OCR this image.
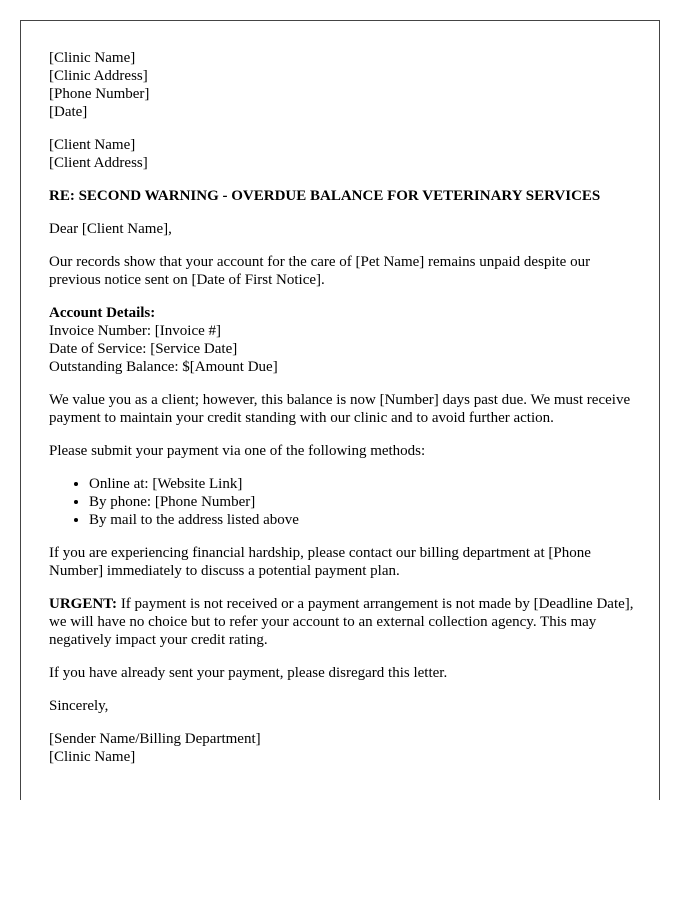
[Clinic Name]
[Clinic Address]
[Phone Number]
[Date]

[Client Name]
[Client Address]

RE: SECOND WARNING - OVERDUE BALANCE FOR VETERINARY SERVICES

Dear [Client Name],

Our records show that your account for the care of [Pet Name] remains unpaid despite our previous notice sent on [Date of First Notice].

Account Details:
Invoice Number: [Invoice #]
Date of Service: [Service Date]
Outstanding Balance: $[Amount Due]

We value you as a client; however, this balance is now [Number] days past due. We must receive payment to maintain your credit standing with our clinic and to avoid further action.

Please submit your payment via one of the following methods:

• Online at: [Website Link]
• By phone: [Phone Number]
• By mail to the address listed above

If you are experiencing financial hardship, please contact our billing department at [Phone Number] immediately to discuss a potential payment plan.

URGENT: If payment is not received or a payment arrangement is not made by [Deadline Date], we will have no choice but to refer your account to an external collection agency. This may negatively impact your credit rating.

If you have already sent your payment, please disregard this letter.

Sincerely,

[Sender Name/Billing Department]
[Clinic Name]
